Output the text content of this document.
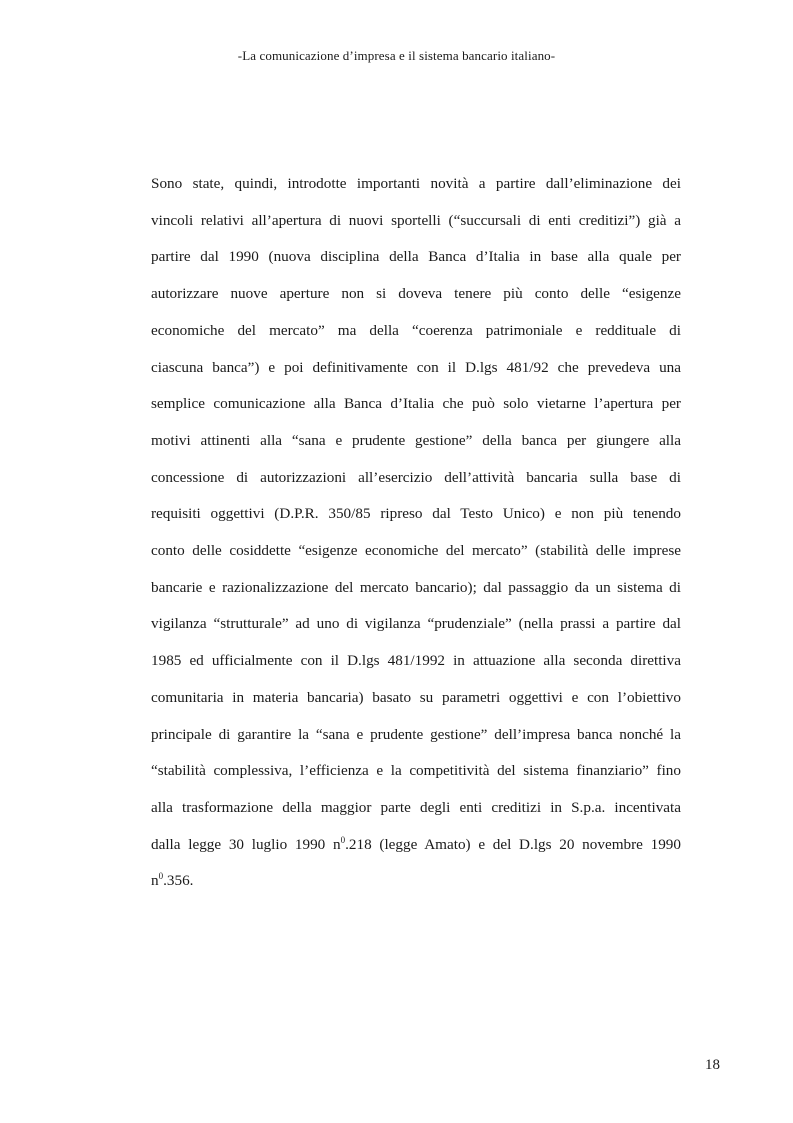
-La comunicazione d’impresa e il sistema bancario italiano-

Sono state, quindi, introdotte importanti novità a partire dall’eliminazione dei
vincoli relativi all’apertura di nuovi sportelli (“succursali di enti creditizi”) già a
partire dal 1990 (nuova disciplina della Banca d’Italia in base alla quale per
autorizzare nuove aperture non si doveva tenere più conto delle “esigenze
economiche del mercato” ma della “coerenza patrimoniale e reddituale di
ciascuna banca”) e poi definitivamente con il D.lgs 481/92 che prevedeva una
semplice comunicazione alla Banca d’Italia che può solo vietarne l’apertura per
motivi attinenti alla “sana e prudente gestione” della banca per giungere alla
concessione di autorizzazioni all’esercizio dell’attività bancaria sulla base di
requisiti oggettivi (D.P.R. 350/85 ripreso dal Testo Unico) e non più tenendo
conto delle cosiddette “esigenze economiche del mercato” (stabilità delle imprese
bancarie e razionalizzazione del mercato bancario); dal passaggio da un sistema di
vigilanza “strutturale” ad uno di vigilanza “prudenziale” (nella prassi a partire dal
1985 ed ufficialmente con il D.lgs 481/1992 in attuazione alla seconda direttiva
comunitaria in materia bancaria) basato su parametri oggettivi e con l’obiettivo
principale di garantire la “sana e prudente gestione” dell’impresa banca nonché la
“stabilità complessiva, l’efficienza e la competitività del sistema finanziario” fino
alla trasformazione della maggior parte degli enti creditizi in S.p.a. incentivata
dalla legge 30 luglio 1990 $n^0.218$ (legge Amato) e del D.lgs 20 novembre 1990
$n^0.356$.

18
